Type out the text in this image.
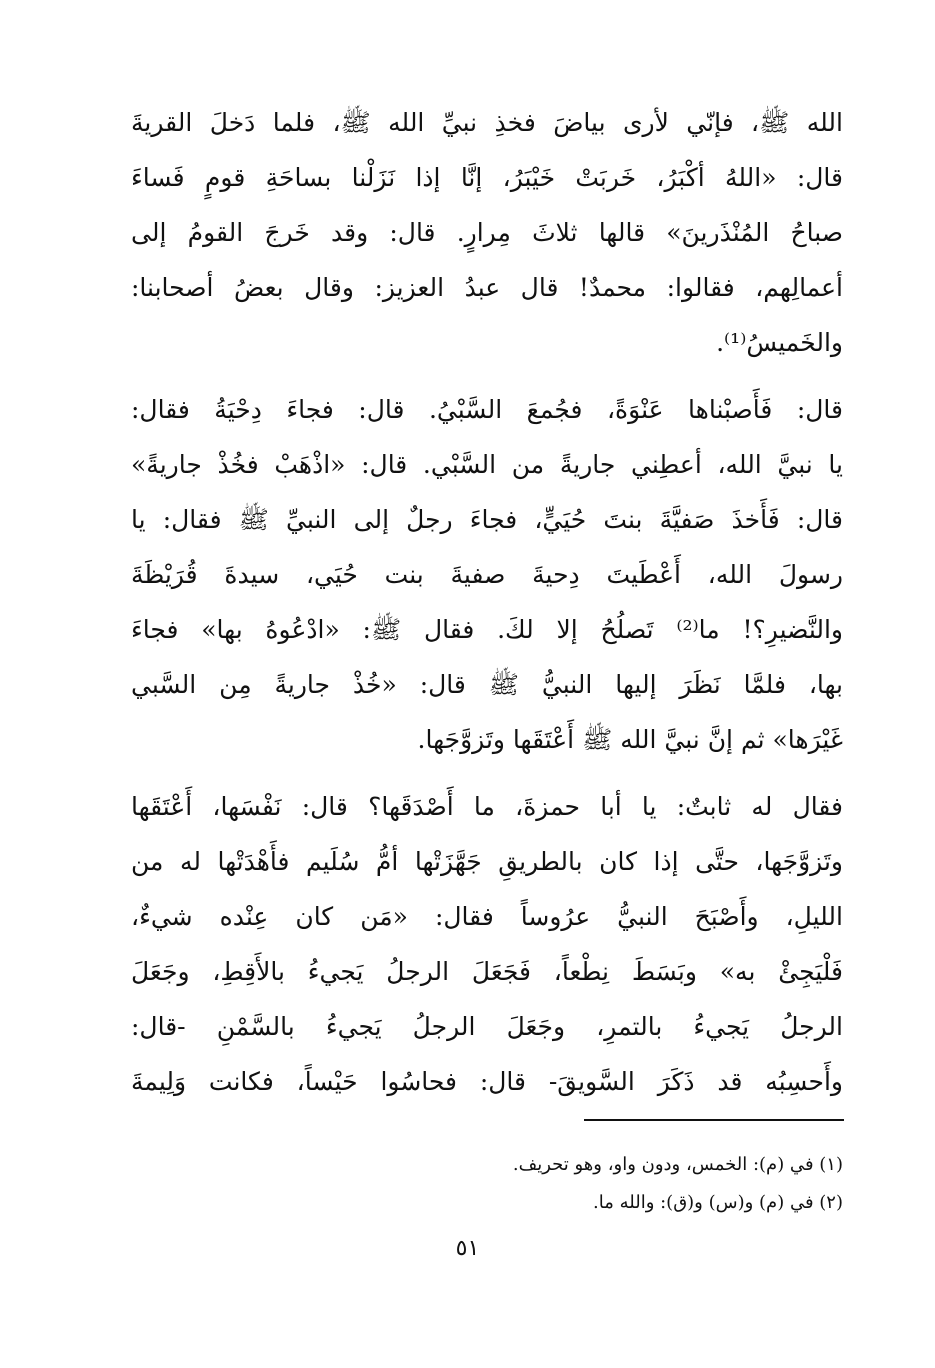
الله ﷺ، فإنّي لأرى بياضَ فخذِ نبيِّ الله ﷺ، فلما دَخلَ القريةَ
قال: «اللهُ أكْبَرُ، خَربَتْ خَيْبَرُ، إنَّا إذا نَزَلْنا بساحَةِ قومٍ فَساءَ
صباحُ المُنْذَرينَ» قالها ثلاثَ مِرارٍ. قال: وقد خَرجَ القومُ إلى
أعمالِهم، فقالوا: محمدٌ! قال عبدُ العزيز: وقال بعضُ أصحابنا:
والخَميسُ⁽¹⁾.
قال: فَأَصبْناها عَنْوَةً، فجُمعَ السَّبْيُ. قال: فجاءَ دِحْيَةُ فقال:
يا نبيَّ الله، أعطِني جاريةً من السَّبْي. قال: «اذْهَبْ فخُذْ جاريةً»
قال: فَأَخذَ صَفيَّةَ بنتَ حُيَيٍّ، فجاءَ رجلٌ إلى النبيِّ ﷺ فقال: يا
رسولَ الله، أَعْطَيتَ دِحيةَ صفيةَ بنت حُيَي، سيدةَ قُرَيْظَةَ
والنَّضيرِ؟! ما⁽²⁾ تَصلُحُ إلا لكَ. فقال ﷺ: «ادْعُوهُ بها» فجاءَ
بها، فلمَّا نَظَرَ إليها النبيُّ ﷺ قال: «خُذْ جاريةً مِن السَّبي
غَيْرَها» ثم إنَّ نبيَّ الله ﷺ أَعْتَقَها وتَزوَّجَها.
فقال له ثابتٌ: يا أبا حمزةَ، ما أَصْدَقَها؟ قال: نَفْسَها، أَعْتَقَها
وتَزوَّجَها، حتَّى إذا كان بالطريقِ جَهَّزَتْها أمُّ سُلَيم فأَهْدَتْها له من
الليلِ، وأَصْبَحَ النبيُّ عرُوساً فقال: «مَن كان عِنْده شيءٌ،
فَلْيَجِئْ به» وبَسَطَ نِطْعاً، فَجَعَلَ الرجلُ يَجيءُ بالأَقِطِ، وجَعَلَ
الرجلُ يَجيءُ بالتمرِ، وجَعَلَ الرجلُ يَجيءُ بالسَّمْنِ -قال:
وأَحسِبُه قد ذَكَرَ السَّويقَ- قال: فحاسُوا حَيْساً، فكانت وَلِيمةَ
(١) في (م): الخمس، ودون واو، وهو تحريف.
(٢) في (م) و(س) و(ق): والله ما.
٥١
